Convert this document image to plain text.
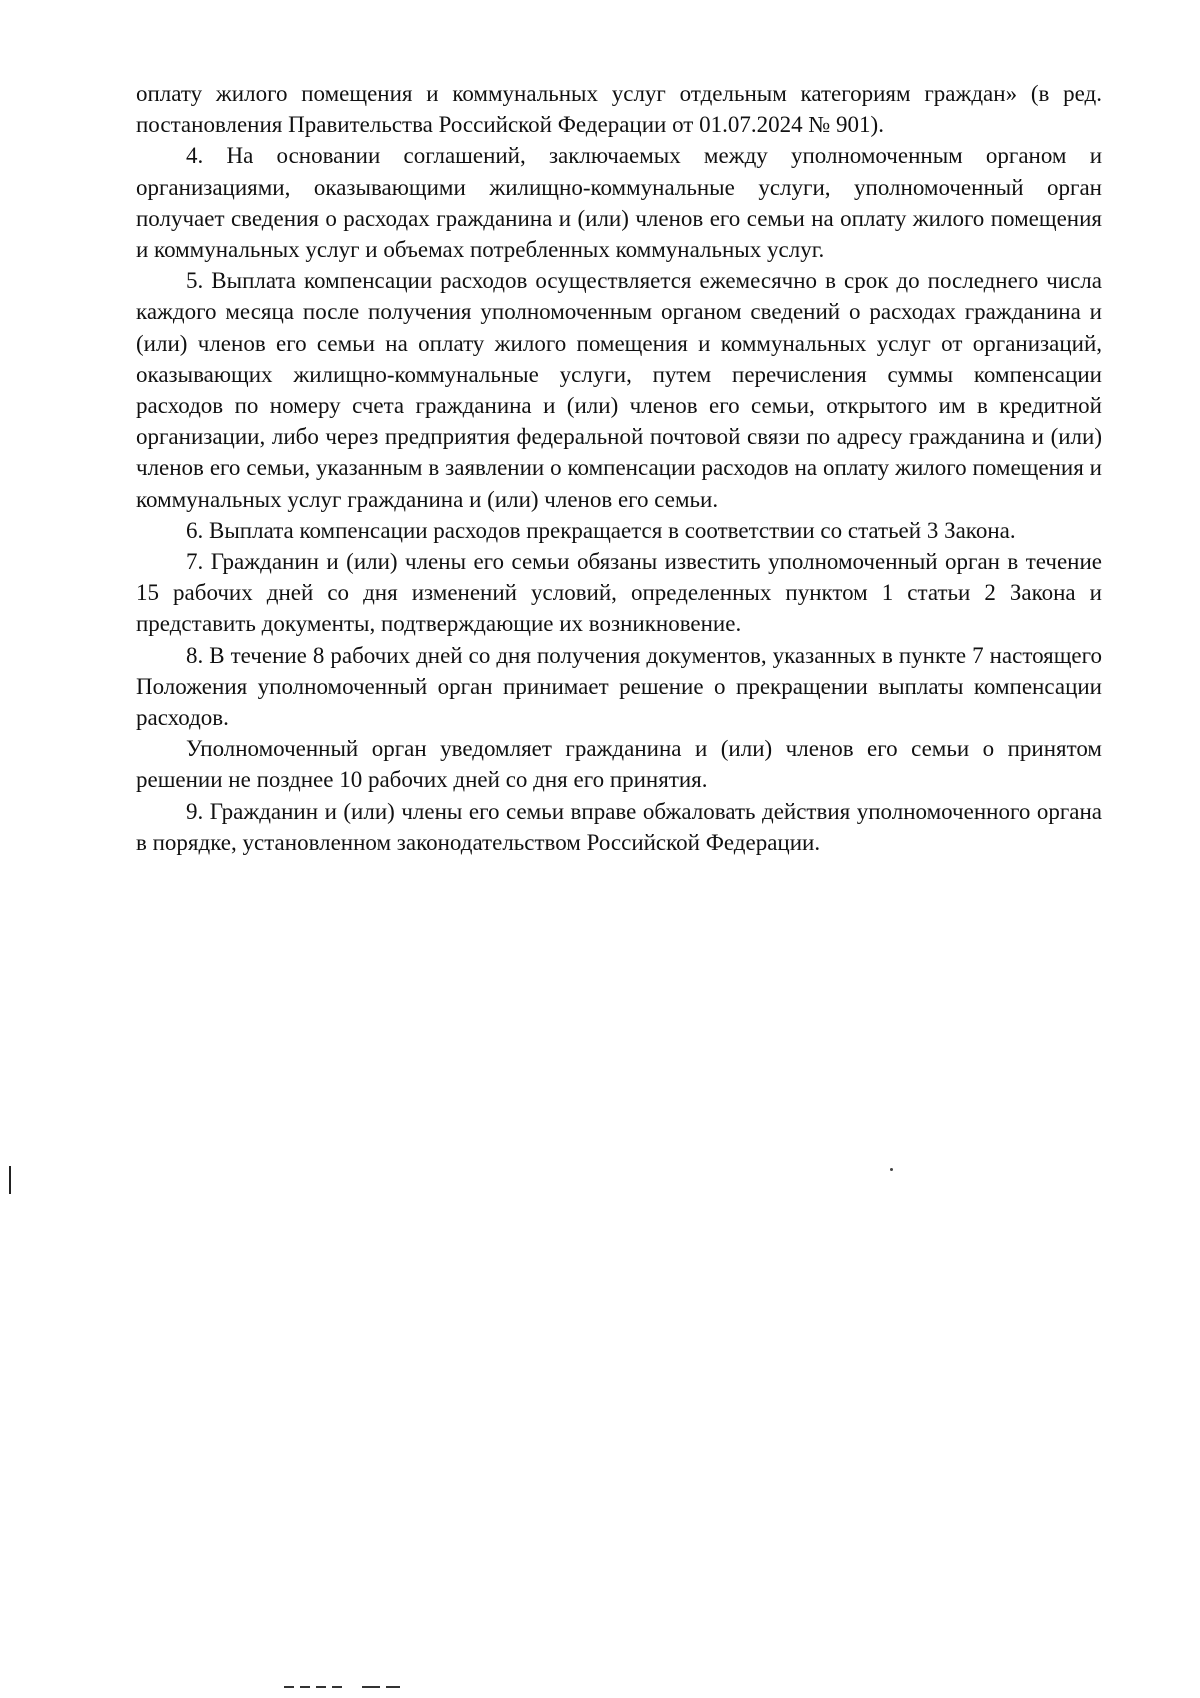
оплату жилого помещения и коммунальных услуг отдельным категориям граждан» (в ред. постановления Правительства Российской Федерации от 01.07.2024 № 901).

4. На основании соглашений, заключаемых между уполномоченным органом и организациями, оказывающими жилищно-коммунальные услуги, уполномоченный орган получает сведения о расходах гражданина и (или) членов его семьи на оплату жилого помещения и коммунальных услуг и объемах потребленных коммунальных услуг.

5. Выплата компенсации расходов осуществляется ежемесячно в срок до последнего числа каждого месяца после получения уполномоченным органом сведений о расходах гражданина и (или) членов его семьи на оплату жилого помещения и коммунальных услуг от организаций, оказывающих жилищно-коммунальные услуги, путем перечисления суммы компенсации расходов по номеру счета гражданина и (или) членов его семьи, открытого им в кредитной организации, либо через предприятия федеральной почтовой связи по адресу гражданина и (или) членов его семьи, указанным в заявлении о компенсации расходов на оплату жилого помещения и коммунальных услуг гражданина и (или) членов его семьи.

6. Выплата компенсации расходов прекращается в соответствии со статьей 3 Закона.

7. Гражданин и (или) члены его семьи обязаны известить уполномоченный орган в течение 15 рабочих дней со дня изменений условий, определенных пунктом 1 статьи 2 Закона и представить документы, подтверждающие их возникновение.

8. В течение 8 рабочих дней со дня получения документов, указанных в пункте 7 настоящего Положения уполномоченный орган принимает решение о прекращении выплаты компенсации расходов.

Уполномоченный орган уведомляет гражданина и (или) членов его семьи о принятом решении не позднее 10 рабочих дней со дня его принятия.

9. Гражданин и (или) члены его семьи вправе обжаловать действия уполномоченного органа в порядке, установленном законодательством Российской Федерации.
